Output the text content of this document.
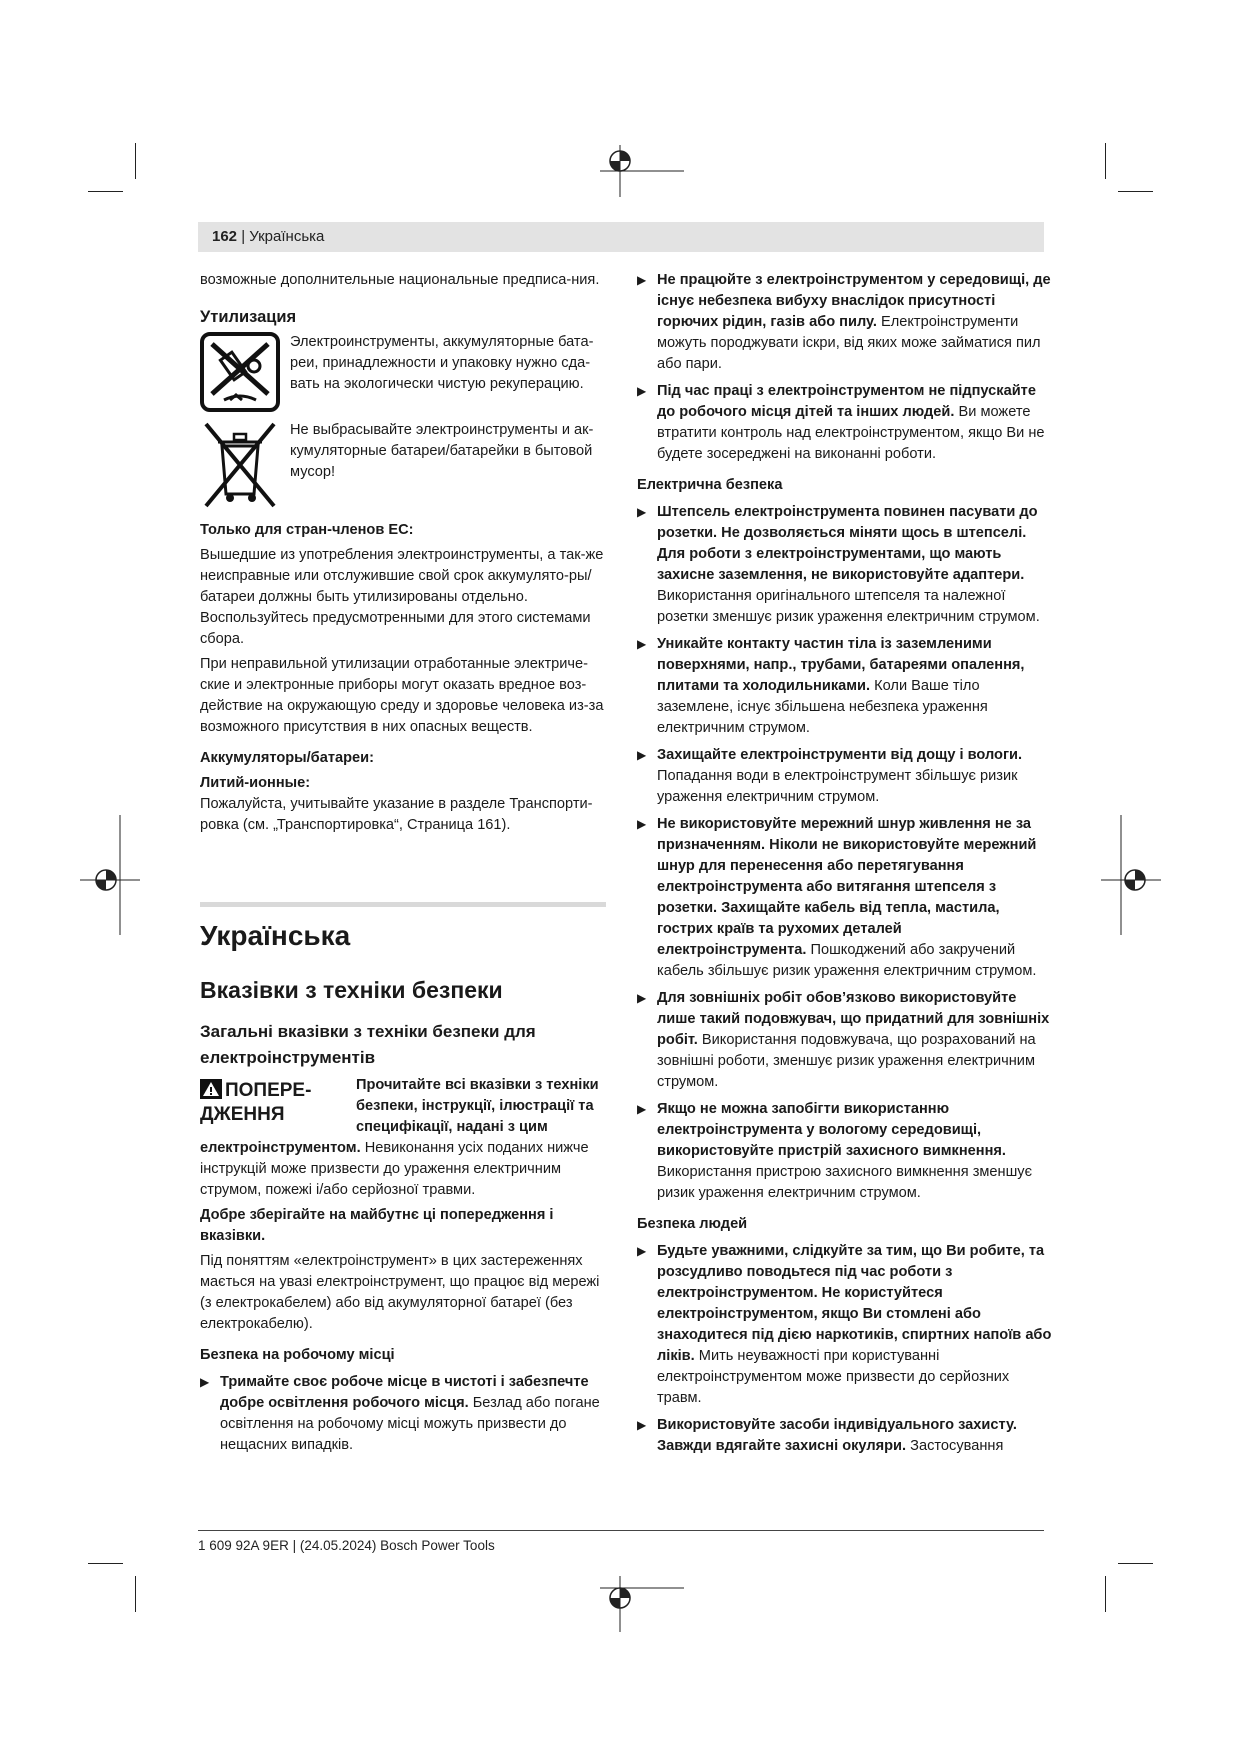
162 | Українська

возможные дополнительные национальные предписа-ния.

Утилизация

Электроинструменты, аккумуляторные бата-реи, принадлежности и упаковку нужно сда-вать на экологически чистую рекуперацию.

Не выбрасывайте электроинструменты и ак-кумуляторные батареи/батарейки в бытовой мусор!

Только для стран-членов ЕС:

Вышедшие из употребления электроинструменты, а так-же неисправные или отслужившие свой срок аккумулято-ры/батареи должны быть утилизированы отдельно. Воспользуйтесь предусмотренными для этого системами сбора.

При неправильной утилизации отработанные электриче-ские и электронные приборы могут оказать вредное воз-действие на окружающую среду и здоровье человека из-за возможного присутствия в них опасных веществ.

Аккумуляторы/батареи:

Литий-ионные:

Пожалуйста, учитывайте указание в разделе Транспорти-ровка (см. „Транспортировка“, Страница 161).

Українська
Вказівки з техніки безпеки
Загальні вказівки з техніки безпеки для електроінструментів
ПОПЕРЕ-ДЖЕННЯ

Прочитайте всі вказівки з техніки безпеки, інструкції, ілюстрації та специфікації, надані з цим електроінструментом. Невиконання усіх поданих нижче інструкцій може призвести до ураження електричним струмом, пожежі і/або серйозної травми.

Добре зберігайте на майбутнє ці попередження і вказівки.

Під поняттям «електроінструмент» в цих застереженнях мається на увазі електроінструмент, що працює від мережі (з електрокабелем) або від акумуляторної батареї (без електрокабелю).

Безпека на робочому місці

▶ Тримайте своє робоче місце в чистоті і забезпечте добре освітлення робочого місця. Безлад або погане освітлення на робочому місці можуть призвести до нещасних випадків.
▶ Не працюйте з електроінструментом у середовищі, де існує небезпека вибуху внаслідок присутності горючих рідин, газів або пилу. Електроінструменти можуть породжувати іскри, від яких може займатися пил або пари.
▶ Під час праці з електроінструментом не підпускайте до робочого місця дітей та інших людей. Ви можете втратити контроль над електроінструментом, якщо Ви не будете зосереджені на виконанні роботи.

Електрична безпека

▶ Штепсель електроінструмента повинен пасувати до розетки. Не дозволяється міняти щось в штепселі. Для роботи з електроінструментами, що мають захисне заземлення, не використовуйте адаптери. Використання оригінального штепселя та належної розетки зменшує ризик ураження електричним струмом.
▶ Уникайте контакту частин тіла із заземленими поверхнями, напр., трубами, батареями опалення, плитами та холодильниками. Коли Ваше тіло заземлене, існує збільшена небезпека ураження електричним струмом.
▶ Захищайте електроінструменти від дощу і вологи. Попадання води в електроінструмент збільшує ризик ураження електричним струмом.
▶ Не використовуйте мережний шнур живлення не за призначенням. Ніколи не використовуйте мережний шнур для перенесення або перетягування електроінструмента або витягання штепселя з розетки. Захищайте кабель від тепла, мастила, гострих країв та рухомих деталей електроінструмента. Пошкоджений або закручений кабель збільшує ризик ураження електричним струмом.
▶ Для зовнішніх робіт обов’язково використовуйте лише такий подовжувач, що придатний для зовнішніх робіт. Використання подовжувача, що розрахований на зовнішні роботи, зменшує ризик ураження електричним струмом.
▶ Якщо не можна запобігти використанню електроінструмента у вологому середовищі, використовуйте пристрій захисного вимкнення. Використання пристрою захисного вимкнення зменшує ризик ураження електричним струмом.

Безпека людей

▶ Будьте уважними, слідкуйте за тим, що Ви робите, та розсудливо поводьтеся під час роботи з електроінструментом. Не користуйтеся електроінструментом, якщо Ви стомлені або знаходитеся під дією наркотиків, спиртних напоїв або ліків. Мить неуважності при користуванні електроінструментом може призвести до серйозних травм.
▶ Використовуйте засоби індивідуального захисту. Завжди вдягайте захисні окуляри. Застосування
1 609 92A 9ER | (24.05.2024) Bosch Power Tools
